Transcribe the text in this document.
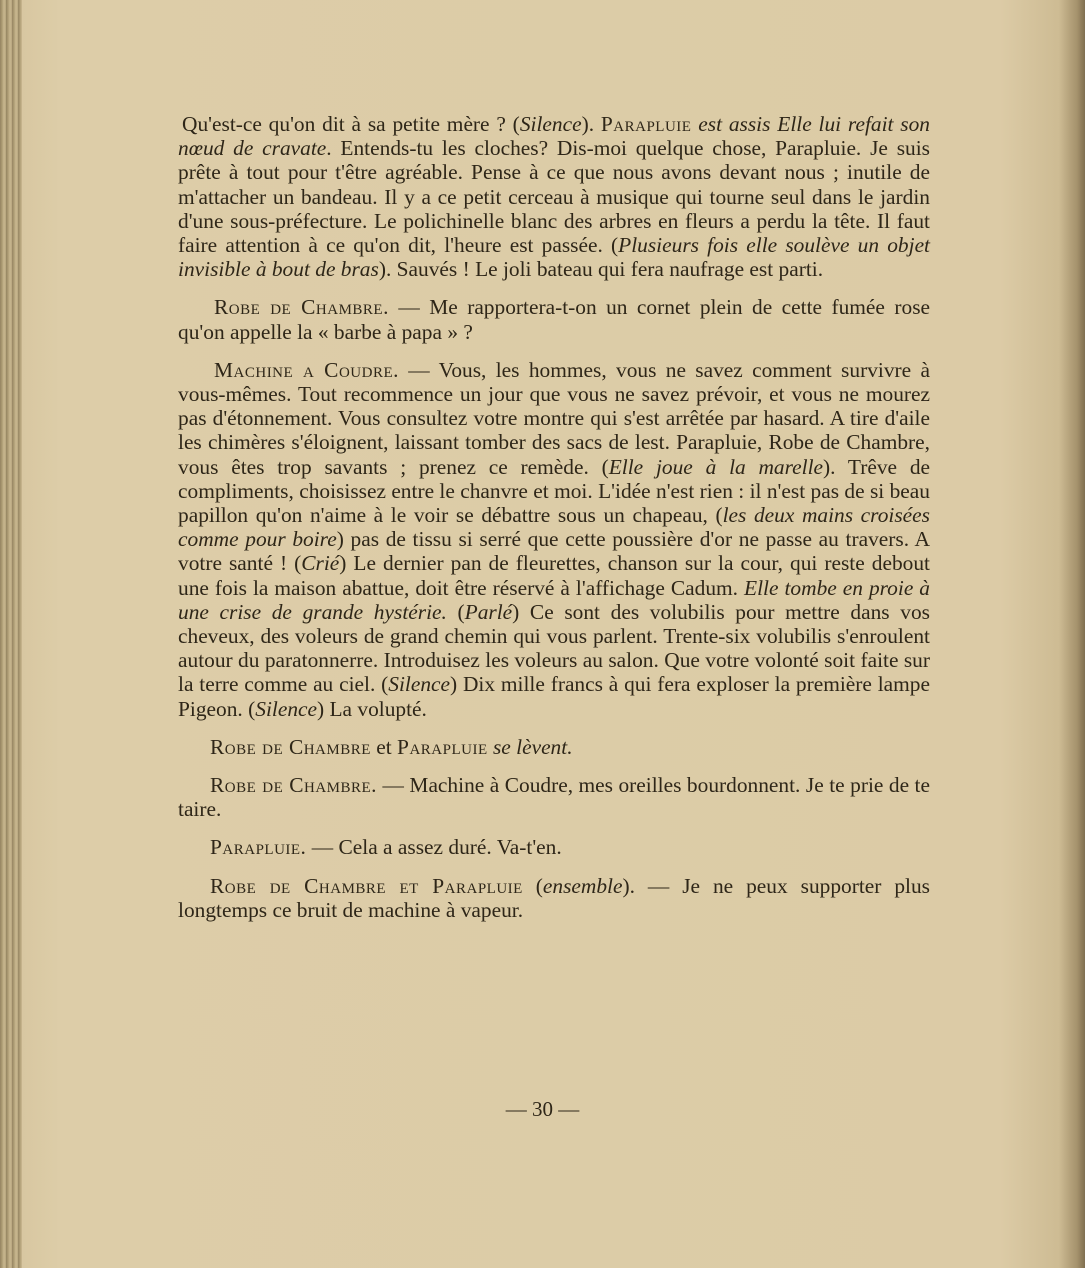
Qu'est-ce qu'on dit à sa petite mère ? (Silence). Parapluie est assis Elle lui refait son nœud de cravate. Entends-tu les cloches? Dis-moi quelque chose, Parapluie. Je suis prête à tout pour t'être agréable. Pense à ce que nous avons devant nous ; inutile de m'attacher un bandeau. Il y a ce petit cerceau à musique qui tourne seul dans le jardin d'une sous-préfecture. Le polichinelle blanc des arbres en fleurs a perdu la tête. Il faut faire attention à ce qu'on dit, l'heure est passée. (Plusieurs fois elle soulève un objet invisible à bout de bras). Sauvés ! Le joli bateau qui fera naufrage est parti.

Robe de Chambre. — Me rapportera-t-on un cornet plein de cette fumée rose qu'on appelle la « barbe à papa » ?

Machine a Coudre. — Vous, les hommes, vous ne savez comment survivre à vous-mêmes. Tout recommence un jour que vous ne savez prévoir, et vous ne mourez pas d'étonnement. Vous consultez votre montre qui s'est arrêtée par hasard. A tire d'aile les chimères s'éloignent, laissant tomber des sacs de lest. Parapluie, Robe de Chambre, vous êtes trop savants ; prenez ce remède. (Elle joue à la marelle). Trêve de compliments, choisissez entre le chanvre et moi. L'idée n'est rien : il n'est pas de si beau papillon qu'on n'aime à le voir se débattre sous un chapeau, (les deux mains croisées comme pour boire) pas de tissu si serré que cette poussière d'or ne passe au travers. A votre santé ! (Crié) Le dernier pan de fleurettes, chanson sur la cour, qui reste debout une fois la maison abattue, doit être réservé à l'affichage Cadum. Elle tombe en proie à une crise de grande hystérie. (Parlé) Ce sont des volubilis pour mettre dans vos cheveux, des voleurs de grand chemin qui vous parlent. Trente-six volubilis s'enroulent autour du paratonnerre. Introduisez les voleurs au salon. Que votre volonté soit faite sur la terre comme au ciel. (Silence) Dix mille francs à qui fera exploser la première lampe Pigeon. (Silence) La volupté.

Robe de Chambre et Parapluie se lèvent.

Robe de Chambre. — Machine à Coudre, mes oreilles bourdonnent. Je te prie de te taire.

Parapluie. — Cela a assez duré. Va-t'en.

Robe de Chambre et Parapluie (ensemble). — Je ne peux supporter plus longtemps ce bruit de machine à vapeur.

— 30 —
